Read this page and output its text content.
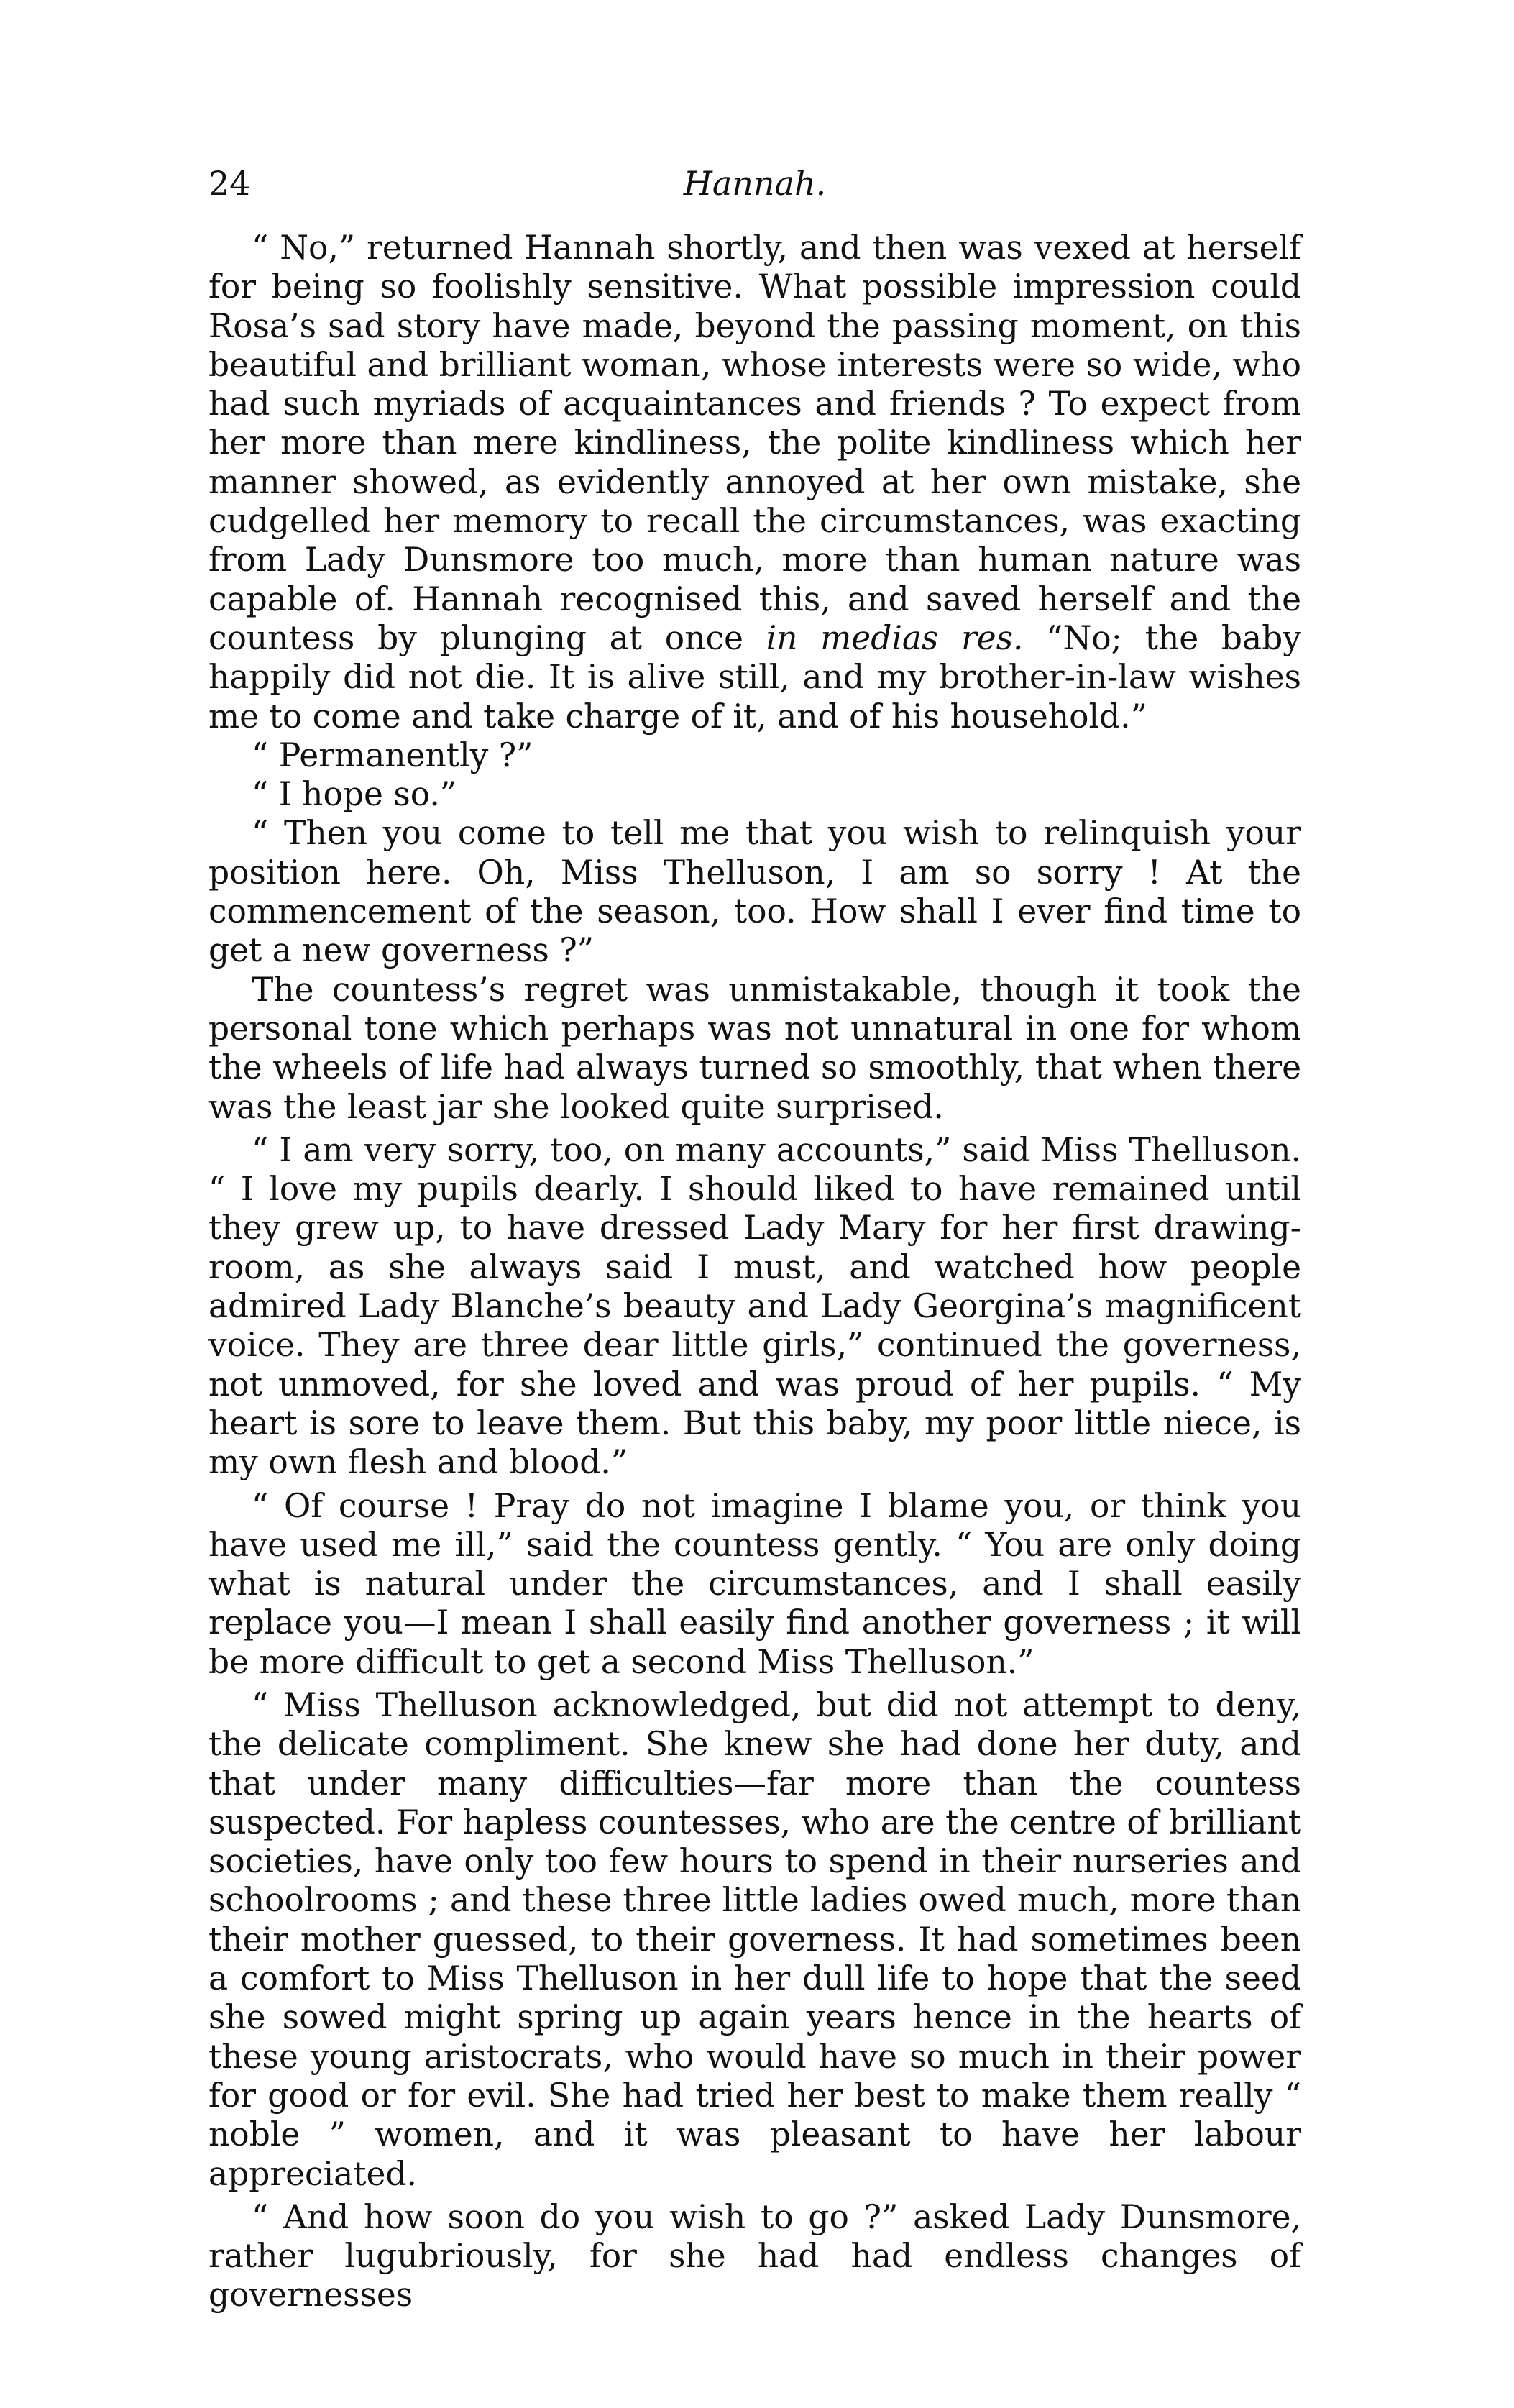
24	Hannah.

“ No,” returned Hannah shortly, and then was vexed at herself for being so foolishly sensitive. What possible impression could Rosa’s sad story have made, beyond the passing moment, on this beautiful and brilliant woman, whose interests were so wide, who had such myriads of acquaintances and friends ? To expect from her more than mere kindliness, the polite kindliness which her manner showed, as evidently annoyed at her own mistake, she cudgelled her memory to recall the circumstances, was exacting from Lady Dunsmore too much, more than human nature was capable of. Hannah recognised this, and saved herself and the countess by plunging at once in medias res. “No; the baby happily did not die. It is alive still, and my brother-in-law wishes me to come and take charge of it, and of his household.”

“ Permanently ?”

“ I hope so.”

“ Then you come to tell me that you wish to relinquish your position here. Oh, Miss Thelluson, I am so sorry ! At the commencement of the season, too. How shall I ever find time to get a new governess ?”

The countess’s regret was unmistakable, though it took the personal tone which perhaps was not unnatural in one for whom the wheels of life had always turned so smoothly, that when there was the least jar she looked quite surprised.

“ I am very sorry, too, on many accounts,” said Miss Thelluson. “ I love my pupils dearly. I should liked to have remained until they grew up, to have dressed Lady Mary for her first drawing-room, as she always said I must, and watched how people admired Lady Blanche’s beauty and Lady Georgina’s magnificent voice. They are three dear little girls,” continued the governess, not unmoved, for she loved and was proud of her pupils. “ My heart is sore to leave them. But this baby, my poor little niece, is my own flesh and blood.”

“ Of course ! Pray do not imagine I blame you, or think you have used me ill,” said the countess gently. “ You are only doing what is natural under the circumstances, and I shall easily replace you—I mean I shall easily find another governess ; it will be more difficult to get a second Miss Thelluson.”

“ Miss Thelluson acknowledged, but did not attempt to deny, the delicate compliment. She knew she had done her duty, and that under many difficulties—far more than the countess suspected. For hapless countesses, who are the centre of brilliant societies, have only too few hours to spend in their nurseries and schoolrooms ; and these three little ladies owed much, more than their mother guessed, to their governess. It had sometimes been a comfort to Miss Thelluson in her dull life to hope that the seed she sowed might spring up again years hence in the hearts of these young aristocrats, who would have so much in their power for good or for evil. She had tried her best to make them really “ noble ” women, and it was pleasant to have her labour appreciated.

“ And how soon do you wish to go ?” asked Lady Dunsmore, rather lugubriously, for she had had endless changes of governesses
